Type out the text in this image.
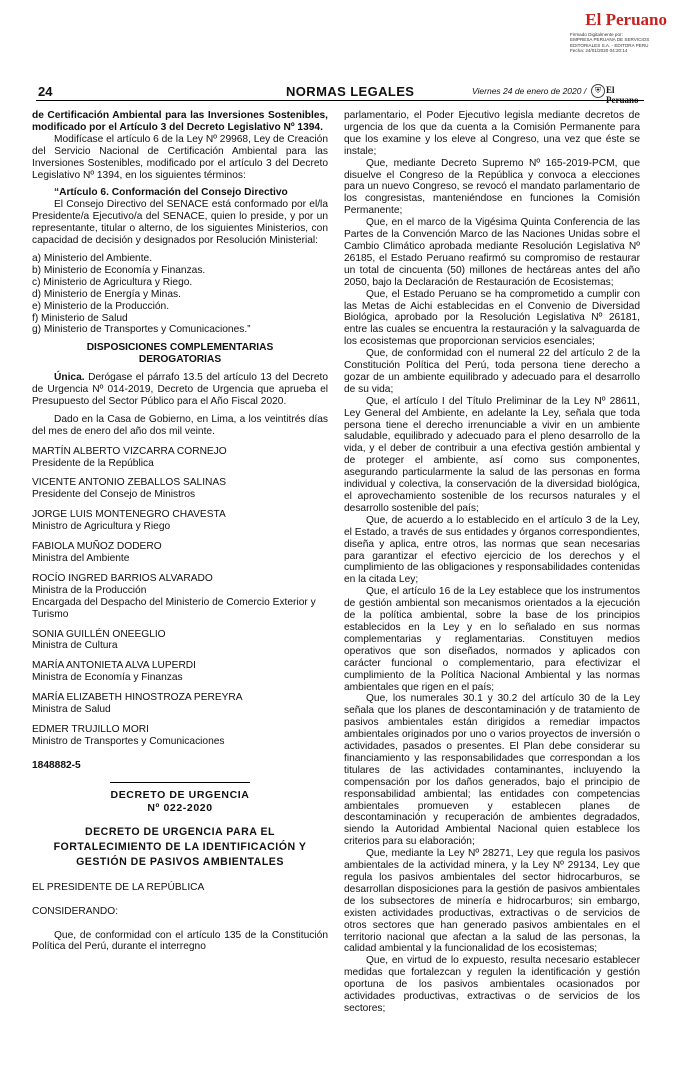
El Peruano
Firmado Digitalmente por:
EMPRESA PERUANA DE SERVICIOS
EDITORIALES S.A. - EDITORA PERU
Fecha: 24/01/2020 04:20:14
24	NORMAS LEGALES	Viernes 24 de enero de 2020 /	⛨ El Peruano

de Certificación Ambiental para las Inversiones Sostenibles, modificado por el Artículo 3 del Decreto Legislativo Nº 1394.

Modifícase el artículo 6 de la Ley Nº 29968, Ley de Creación del Servicio Nacional de Certificación Ambiental para las Inversiones Sostenibles, modificado por el artículo 3 del Decreto Legislativo Nº 1394, en los siguientes términos:

“Artículo 6. Conformación del Consejo Directivo

El Consejo Directivo del SENACE está conformado por el/la Presidente/a Ejecutivo/a del SENACE, quien lo preside, y por un representante, titular o alterno, de los siguientes Ministerios, con capacidad de decisión y designados por Resolución Ministerial:

a) Ministerio del Ambiente.

b) Ministerio de Economía y Finanzas.

c) Ministerio de Agricultura y Riego.

d) Ministerio de Energía y Minas.

e) Ministerio de la Producción.

f) Ministerio de Salud

g) Ministerio de Transportes y Comunicaciones.”

DISPOSICIONES COMPLEMENTARIAS

DEROGATORIAS

Única. Derógase el párrafo 13.5 del artículo 13 del Decreto de Urgencia Nº 014-2019, Decreto de Urgencia que aprueba el Presupuesto del Sector Público para el Año Fiscal 2020.

Dado en la Casa de Gobierno, en Lima, a los veintitrés días del mes de enero del año dos mil veinte.

MARTÍN ALBERTO VIZCARRA CORNEJO
Presidente de la República
VICENTE ANTONIO ZEBALLOS SALINAS
Presidente del Consejo de Ministros
JORGE LUIS MONTENEGRO CHAVESTA
Ministro de Agricultura y Riego
FABIOLA MUÑOZ DODERO
Ministra del Ambiente
ROCÍO INGRED BARRIOS ALVARADO
Ministra de la Producción
Encargada del Despacho del Ministerio de Comercio Exterior y Turismo
SONIA GUILLÉN ONEEGLIO
Ministra de Cultura
MARÍA ANTONIETA ALVA LUPERDI
Ministra de Economía y Finanzas
MARÍA ELIZABETH HINOSTROZA PEREYRA
Ministra de Salud
EDMER TRUJILLO MORI
Ministro de Transportes y Comunicaciones

1848882-5

DECRETO DE URGENCIA

Nº 022-2020

DECRETO DE URGENCIA PARA EL FORTALECIMIENTO DE LA IDENTIFICACIÓN Y GESTIÓN DE PASIVOS AMBIENTALES

EL PRESIDENTE DE LA REPÚBLICA

CONSIDERANDO:

Que, de conformidad con el artículo 135 de la Constitución Política del Perú, durante el interregno

parlamentario, el Poder Ejecutivo legisla mediante decretos de urgencia de los que da cuenta a la Comisión Permanente para que los examine y los eleve al Congreso, una vez que éste se instale;

Que, mediante Decreto Supremo Nº 165-2019-PCM, que disuelve el Congreso de la República y convoca a elecciones para un nuevo Congreso, se revocó el mandato parlamentario de los congresistas, manteniéndose en funciones la Comisión Permanente;

Que, en el marco de la Vigésima Quinta Conferencia de las Partes de la Convención Marco de las Naciones Unidas sobre el Cambio Climático aprobada mediante Resolución Legislativa Nº 26185, el Estado Peruano reafirmó su compromiso de restaurar un total de cincuenta (50) millones de hectáreas antes del año 2050, bajo la Declaración de Restauración de Ecosistemas;

Que, el Estado Peruano se ha comprometido a cumplir con las Metas de Aichi establecidas en el Convenio de Diversidad Biológica, aprobado por la Resolución Legislativa Nº 26181, entre las cuales se encuentra la restauración y la salvaguarda de los ecosistemas que proporcionan servicios esenciales;

Que, de conformidad con el numeral 22 del artículo 2 de la Constitución Política del Perú, toda persona tiene derecho a gozar de un ambiente equilibrado y adecuado para el desarrollo de su vida;

Que, el artículo I del Título Preliminar de la Ley Nº 28611, Ley General del Ambiente, en adelante la Ley, señala que toda persona tiene el derecho irrenunciable a vivir en un ambiente saludable, equilibrado y adecuado para el pleno desarrollo de la vida, y el deber de contribuir a una efectiva gestión ambiental y de proteger el ambiente, así como sus componentes, asegurando particularmente la salud de las personas en forma individual y colectiva, la conservación de la diversidad biológica, el aprovechamiento sostenible de los recursos naturales y el desarrollo sostenible del país;

Que, de acuerdo a lo establecido en el artículo 3 de la Ley, el Estado, a través de sus entidades y órganos correspondientes, diseña y aplica, entre otros, las normas que sean necesarias para garantizar el efectivo ejercicio de los derechos y el cumplimiento de las obligaciones y responsabilidades contenidas en la citada Ley;

Que, el artículo 16 de la Ley establece que los instrumentos de gestión ambiental son mecanismos orientados a la ejecución de la política ambiental, sobre la base de los principios establecidos en la Ley y en lo señalado en sus normas complementarias y reglamentarias. Constituyen medios operativos que son diseñados, normados y aplicados con carácter funcional o complementario, para efectivizar el cumplimiento de la Política Nacional Ambiental y las normas ambientales que rigen en el país;

Que, los numerales 30.1 y 30.2 del artículo 30 de la Ley señala que los planes de descontaminación y de tratamiento de pasivos ambientales están dirigidos a remediar impactos ambientales originados por uno o varios proyectos de inversión o actividades, pasados o presentes. El Plan debe considerar su financiamiento y las responsabilidades que correspondan a los titulares de las actividades contaminantes, incluyendo la compensación por los daños generados, bajo el principio de responsabilidad ambiental; las entidades con competencias ambientales promueven y establecen planes de descontaminación y recuperación de ambientes degradados, siendo la Autoridad Ambiental Nacional quien establece los criterios para su elaboración;

Que, mediante la Ley Nº 28271, Ley que regula los pasivos ambientales de la actividad minera, y la Ley Nº 29134, Ley que regula los pasivos ambientales del sector hidrocarburos, se desarrollan disposiciones para la gestión de pasivos ambientales de los subsectores de minería e hidrocarburos; sin embargo, existen actividades productivas, extractivas o de servicios de otros sectores que han generado pasivos ambientales en el territorio nacional que afectan a la salud de las personas, la calidad ambiental y la funcionalidad de los ecosistemas;

Que, en virtud de lo expuesto, resulta necesario establecer medidas que fortalezcan y regulen la identificación y gestión oportuna de los pasivos ambientales ocasionados por actividades productivas, extractivas o de servicios de los sectores;
